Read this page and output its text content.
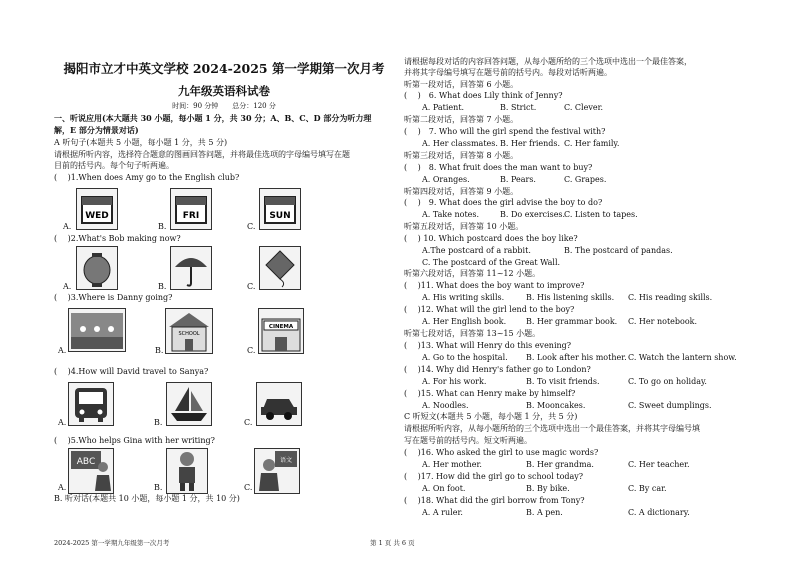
揭阳市立才中英文学校 2024-2025 第一学期第一次月考
九年级英语科试卷
时间：90 分钟　　总分：120 分
一、听说应用(本大题共 30 小题，每小题 1 分，共 30 分；A、B、C、D 部分为听力理
解，E 部分为情景对话)
A 听句子(本题共 5 小题，每小题 1 分，共 5 分)
请根据所听内容，选择符合题意的图画回答问题，并将最佳选项的字母编号填写在题
目前的括号内。每个句子听两遍。
(　 )1.When does Amy go to the English club?
A.
WED
B.
FRI
C.
SUN
(　 )2.What's Bob making now?
A.	B.	C.
(　 )3.Where is Danny going?
A.	B.
SCHOOL
C.
CINEMA
(　 )4.How will David travel to Sanya?
A.	B.	C.
(　 )5.Who helps Gina with her writing?
A.
ABC
B.	C.
语文
B. 听对话(本题共 10 小题，每小题 1 分，共 10 分)
请根据每段对话的内容回答问题，从每小题所给的三个选项中选出一个最佳答案，
并将其字母编号填写在题号前的括号内。每段对话听两遍。
听第一段对话，回答第 6 小题。
(　 )　6. What does Lily think of Jenny?
A. Patient.	B. Strict.	C. Clever.
听第二段对话，回答第 7 小题。
(　 )　7. Who will the girl spend the festival with?
A. Her classmates. B. Her friends. C. Her family.
听第三段对话，回答第 8 小题。
(　 )　8. What fruit does the man want to buy?
A. Oranges.	B. Pears.	C. Grapes.
听第四段对话，回答第 9 小题。
(　 )　9. What does the girl advise the boy to do?
A. Take notes.	B. Do exercises.
C. Listen to tapes.
听第五段对话，回答第 10 小题。
(　 ) 10. Which postcard does the boy like?
A.The postcard of a rabbit.	B. The postcard of pandas.
C. The postcard of the Great Wall.
听第六段对话，回答第 11~12 小题。
(　 )11. What does the boy want to improve?
A. His writing skills.	B. His listening skills. C. His reading skills.
(　 )12. What will the girl lend to the boy?
A. Her English book. B. Her grammar book. C. Her notebook.
听第七段对话，回答第 13~15 小题。
(　 )13. What will Henry do this evening?
A. Go to the hospital. B. Look after his mother. C. Watch the lantern show.
(　 )14. Why did Henry's father go to London?
A. For his work.	B. To visit friends.	C. To go on holiday.
(　 )15. What can Henry make by himself?
A. Noodles.	B. Mooncakes.	C. Sweet dumplings.
C 听短文(本题共 5 小题，每小题 1 分，共 5 分)
请根据所听内容，从每小题所给的三个选项中选出一个最佳答案，并将其字母编号填
写在题号前的括号内。短文听两遍。
(　 )16. Who asked the girl to use magic words?
A. Her mother.	B. Her grandma.	C. Her teacher.
(　 )17. How did the girl go to school today?
A. On foot.	B. By bike.	C. By car.
(　 )18. What did the girl borrow from Tony?
A. A ruler.	B. A pen.	C. A dictionary.
2024-2025 第一学期九年级第一次月考	第 1 页 共 6 页
